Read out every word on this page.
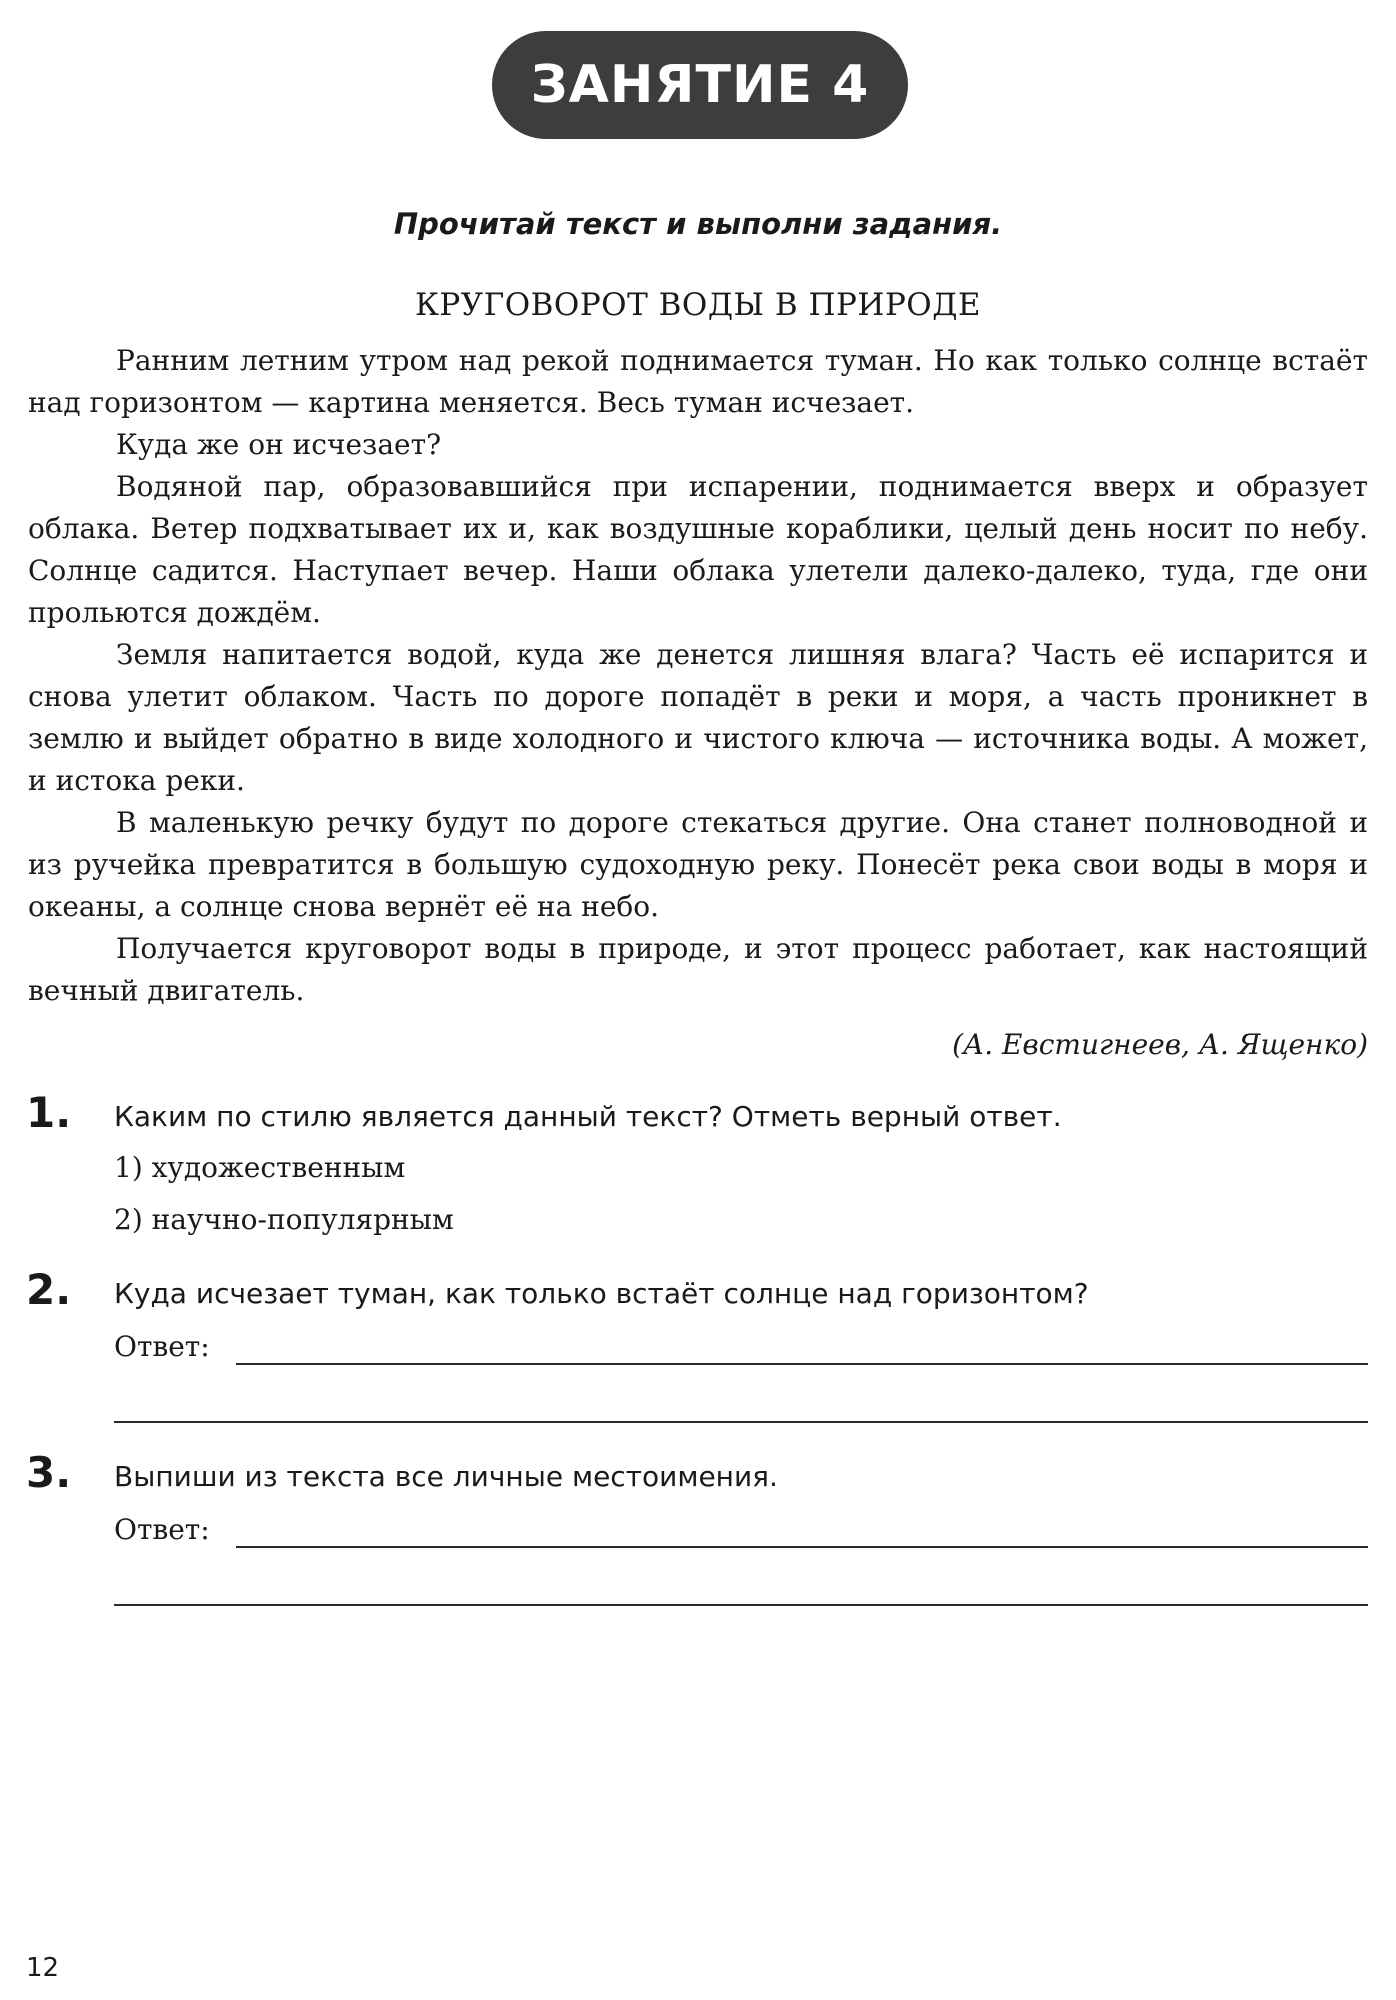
ЗАНЯТИЕ 4
Прочитай текст и выполни задания.
КРУГОВОРОТ ВОДЫ В ПРИРОДЕ

Ранним летним утром над рекой поднимается туман. Но как только солнце встаёт над горизонтом — картина меняется. Весь туман исчезает.

Куда же он исчезает?

Водяной пар, образовавшийся при испарении, поднимается вверх и образует облака. Ветер подхватывает их и, как воздушные кораблики, целый день носит по небу. Солнце садится. Наступает вечер. Наши облака улетели далеко-далеко, туда, где они прольются дождём.

Земля напитается водой, куда же денется лишняя влага? Часть её испарится и снова улетит облаком. Часть по дороге попадёт в реки и моря, а часть проникнет в землю и выйдет обратно в виде холодного и чистого ключа — источника воды. А может, и истока реки.

В маленькую речку будут по дороге стекаться другие. Она станет полноводной и из ручейка превратится в большую судоходную реку. Понесёт река свои воды в моря и океаны, а солнце снова вернёт её на небо.

Получается круговорот воды в природе, и этот процесс работает, как настоящий вечный двигатель.

(А. Евстигнеев, А. Ященко)
1. Каким по стилю является данный текст? Отметь верный ответ.
1) художественным
2) научно-популярным
2. Куда исчезает туман, как только встаёт солнце над горизонтом?
Ответ:
3. Выпиши из текста все личные местоимения.
Ответ:
12
